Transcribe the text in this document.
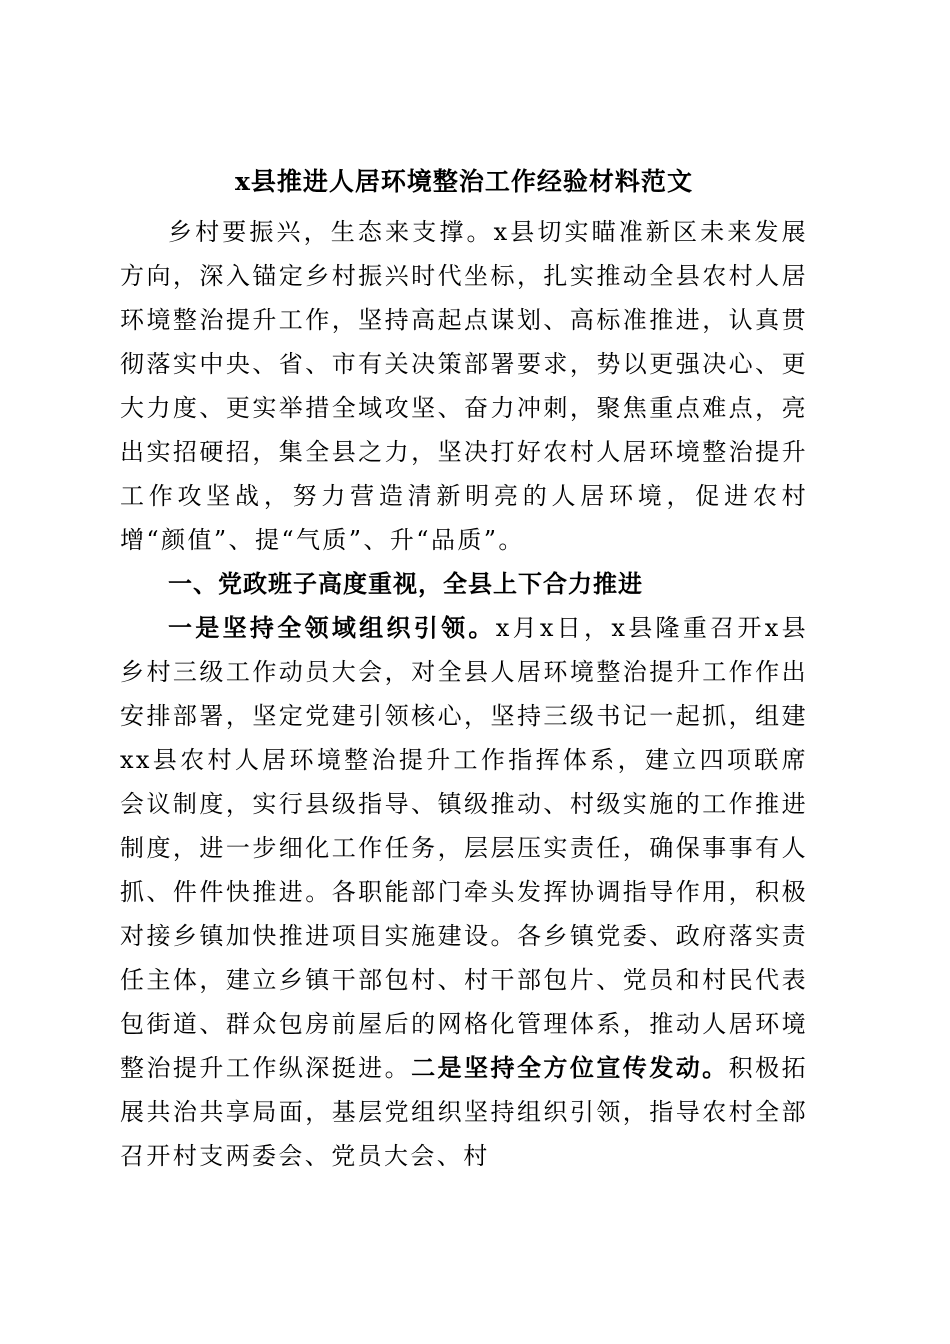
x县推进人居环境整治工作经验材料范文

乡村要振兴，生态来支撑。x县切实瞄准新区未来发展方向，深入锚定乡村振兴时代坐标，扎实推动全县农村人居环境整治提升工作，坚持高起点谋划、高标准推进，认真贯彻落实中央、省、市有关决策部署要求，势以更强决心、更大力度、更实举措全域攻坚、奋力冲刺，聚焦重点难点，亮出实招硬招，集全县之力，坚决打好农村人居环境整治提升工作攻坚战，努力营造清新明亮的人居环境，促进农村增“颜值”、提“气质”、升“品质”。

一、党政班子高度重视，全县上下合力推进

一是坚持全领域组织引领。x月x日，x县隆重召开x县乡村三级工作动员大会，对全县人居环境整治提升工作作出安排部署，坚定党建引领核心，坚持三级书记一起抓，组建xx县农村人居环境整治提升工作指挥体系，建立四项联席会议制度，实行县级指导、镇级推动、村级实施的工作推进制度，进一步细化工作任务，层层压实责任，确保事事有人抓、件件快推进。各职能部门牵头发挥协调指导作用，积极对接乡镇加快推进项目实施建设。各乡镇党委、政府落实责任主体，建立乡镇干部包村、村干部包片、党员和村民代表包街道、群众包房前屋后的网格化管理体系，推动人居环境整治提升工作纵深挺进。二是坚持全方位宣传发动。积极拓展共治共享局面，基层党组织坚持组织引领，指导农村全部召开村支两委会、党员大会、村
